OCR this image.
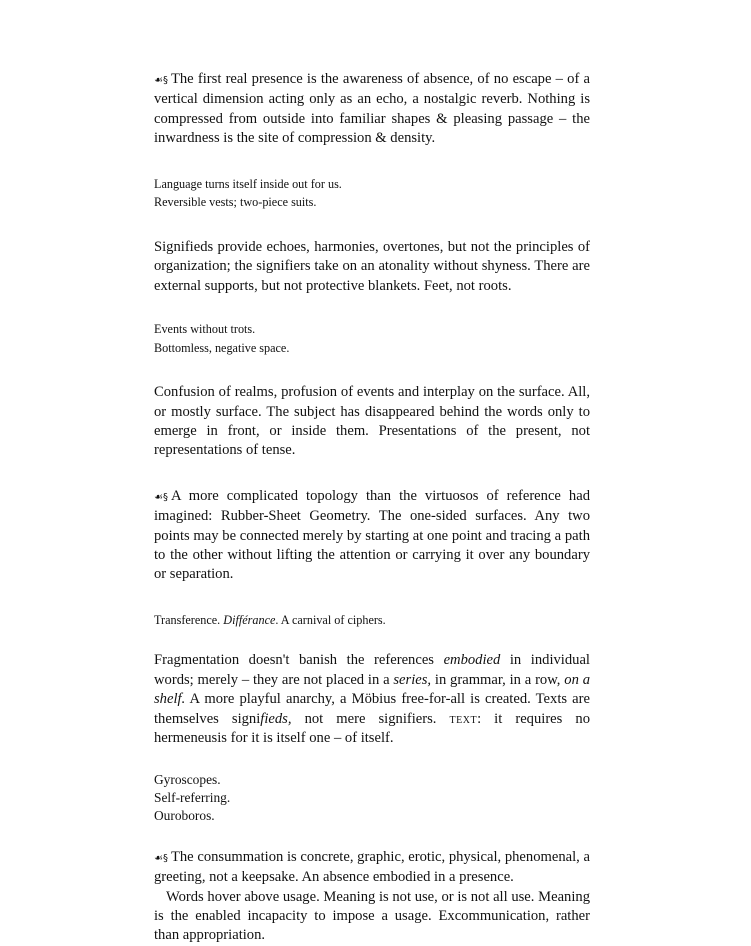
☙§ The first real presence is the awareness of absence, of no escape – of a vertical dimension acting only as an echo, a nostalgic reverb. Nothing is compressed from outside into familiar shapes & pleasing passage – the inwardness is the site of compression & density.

Language turns itself inside out for us.
Reversible vests; two-piece suits.

Signifieds provide echoes, harmonies, overtones, but not the principles of organization; the signifiers take on an atonality without shyness. There are external supports, but not protective blankets. Feet, not roots.

Events without trots.
Bottomless, negative space.

Confusion of realms, profusion of events and interplay on the surface. All, or mostly surface. The subject has disappeared behind the words only to emerge in front, or inside them. Presentations of the present, not representations of tense.

☙§ A more complicated topology than the virtuosos of reference had imagined: Rubber-Sheet Geometry. The one-sided surfaces. Any two points may be connected merely by starting at one point and tracing a path to the other without lifting the attention or carrying it over any boundary or separation.

Transference. Différance. A carnival of ciphers.

Fragmentation doesn't banish the references embodied in individual words; merely – they are not placed in a series, in grammar, in a row, on a shelf. A more playful anarchy, a Möbius free-for-all is created. Texts are themselves signifieds, not mere signifiers. text: it requires no hermeneusis for it is itself one – of itself.

Gyroscopes.
Self-referring.
Ouroboros.

☙§ The consummation is concrete, graphic, erotic, physical, phenomenal, a greeting, not a keepsake. An absence embodied in a presence.
Words hover above usage. Meaning is not use, or is not all use. Meaning is the enabled incapacity to impose a usage. Excommunication, rather than appropriation.
